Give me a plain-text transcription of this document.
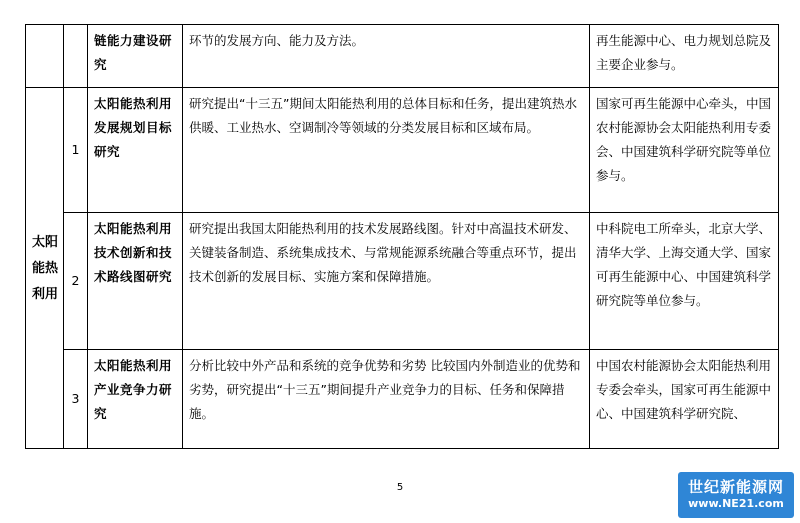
		链能力建设研究	环节的发展方向、能力及方法。	再生能源中心、电力规划总院及主要企业参与。

太阳能热利用	1	太阳能热利用发展规划目标研究	研究提出“十三五”期间太阳能热利用的总体目标和任务，提出建筑热水供暖、工业热水、空调制冷等领域的分类发展目标和区域布局。	国家可再生能源中心牵头，中国农村能源协会太阳能热利用专委会、中国建筑科学研究院等单位参与。
	2	太阳能热利用技术创新和技术路线图研究	研究提出我国太阳能热利用的技术发展路线图。针对中高温技术研发、关键装备制造、系统集成技术、与常规能源系统融合等重点环节，提出技术创新的发展目标、实施方案和保障措施。	中科院电工所牵头，北京大学、清华大学、上海交通大学、国家可再生能源中心、中国建筑科学研究院等单位参与。
	3	太阳能热利用产业竞争力研究	分析比较中外产品和系统的竞争优势和劣势 比较国内外制造业的优势和劣势，研究提出“十三五”期间提升产业竞争力的目标、任务和保障措施。	中国农村能源协会太阳能热利用专委会牵头，国家可再生能源中心、中国建筑科学研究院、
5	世纪新能源网
www.NE21.com
